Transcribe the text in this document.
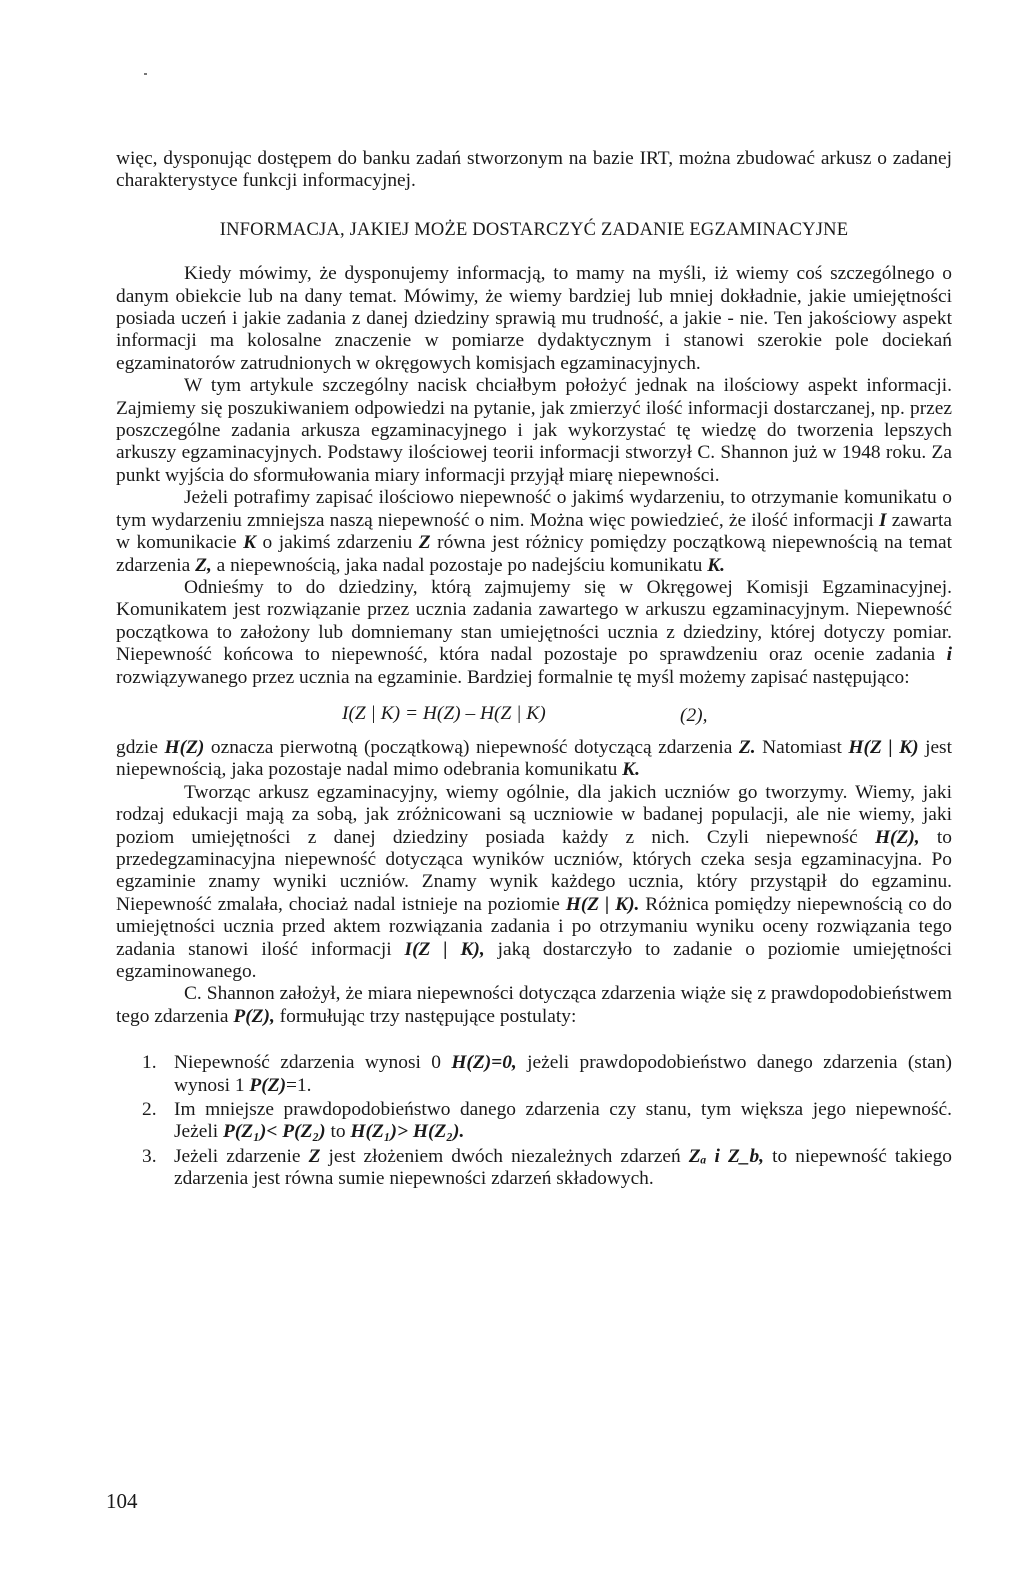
więc, dysponując dostępem do banku zadań stworzonym na bazie IRT, można zbudować arkusz o zadanej charakterystyce funkcji informacyjnej.

INFORMACJA, JAKIEJ MOŻE DOSTARCZYĆ ZADANIE EGZAMINACYJNE

Kiedy mówimy, że dysponujemy informacją, to mamy na myśli, iż wiemy coś szczególnego o danym obiekcie lub na dany temat. Mówimy, że wiemy bardziej lub mniej dokładnie, jakie umiejętności posiada uczeń i jakie zadania z danej dziedziny sprawią mu trudność, a jakie - nie. Ten jakościowy aspekt informacji ma kolosalne znaczenie w pomiarze dydaktycznym i stanowi szerokie pole dociekań egzaminatorów zatrudnionych w okręgowych komisjach egzaminacyjnych.

W tym artykule szczególny nacisk chciałbym położyć jednak na ilościowy aspekt informacji. Zajmiemy się poszukiwaniem odpowiedzi na pytanie, jak zmierzyć ilość informacji dostarczanej, np. przez poszczególne zadania arkusza egzaminacyjnego i jak wykorzystać tę wiedzę do tworzenia lepszych arkuszy egzaminacyjnych. Podstawy ilościowej teorii informacji stworzył C. Shannon już w 1948 roku. Za punkt wyjścia do sformułowania miary informacji przyjął miarę niepewności.

Jeżeli potrafimy zapisać ilościowo niepewność o jakimś wydarzeniu, to otrzymanie komunikatu o tym wydarzeniu zmniejsza naszą niepewność o nim. Można więc powiedzieć, że ilość informacji I zawarta w komunikacie K o jakimś zdarzeniu Z równa jest różnicy pomiędzy początkową niepewnością na temat zdarzenia Z, a niepewnością, jaka nadal pozostaje po nadejściu komunikatu K.

Odnieśmy to do dziedziny, którą zajmujemy się w Okręgowej Komisji Egzaminacyjnej. Komunikatem jest rozwiązanie przez ucznia zadania zawartego w arkuszu egzaminacyjnym. Niepewność początkowa to założony lub domniemany stan umiejętności ucznia z dziedziny, której dotyczy pomiar. Niepewność końcowa to niepewność, która nadal pozostaje po sprawdzeniu oraz ocenie zadania i rozwiązywanego przez ucznia na egzaminie. Bardziej formalnie tę myśl możemy zapisać następująco:

I(Z | K) = H(Z) – H(Z | K)	(2),

gdzie H(Z) oznacza pierwotną (początkową) niepewność dotyczącą zdarzenia Z. Natomiast H(Z | K) jest niepewnością, jaka pozostaje nadal mimo odebrania komunikatu K.

Tworząc arkusz egzaminacyjny, wiemy ogólnie, dla jakich uczniów go tworzymy. Wiemy, jaki rodzaj edukacji mają za sobą, jak zróżnicowani są uczniowie w badanej populacji, ale nie wiemy, jaki poziom umiejętności z danej dziedziny posiada każdy z nich. Czyli niepewność H(Z), to przedegzaminacyjna niepewność dotycząca wyników uczniów, których czeka sesja egzaminacyjna. Po egzaminie znamy wyniki uczniów. Znamy wynik każdego ucznia, który przystąpił do egzaminu. Niepewność zmalała, chociaż nadal istnieje na poziomie H(Z | K). Różnica pomiędzy niepewnością co do umiejętności ucznia przed aktem rozwiązania zadania i po otrzymaniu wyniku oceny rozwiązania tego zadania stanowi ilość informacji I(Z | K), jaką dostarczyło to zadanie o poziomie umiejętności egzaminowanego.

C. Shannon założył, że miara niepewności dotycząca zdarzenia wiąże się z prawdopodobieństwem tego zdarzenia P(Z), formułując trzy następujące postulaty:

1. Niepewność zdarzenia wynosi 0 H(Z)=0, jeżeli prawdopodobieństwo danego zdarzenia (stan) wynosi 1 P(Z)=1.
2. Im mniejsze prawdopodobieństwo danego zdarzenia czy stanu, tym większa jego niepewność. Jeżeli P(Z₁)< P(Z₂) to H(Z₁)> H(Z₂).
3. Jeżeli zdarzenie Z jest złożeniem dwóch niezależnych zdarzeń Zₐ i Z_b, to niepewność takiego zdarzenia jest równa sumie niepewności zdarzeń składowych.
104
